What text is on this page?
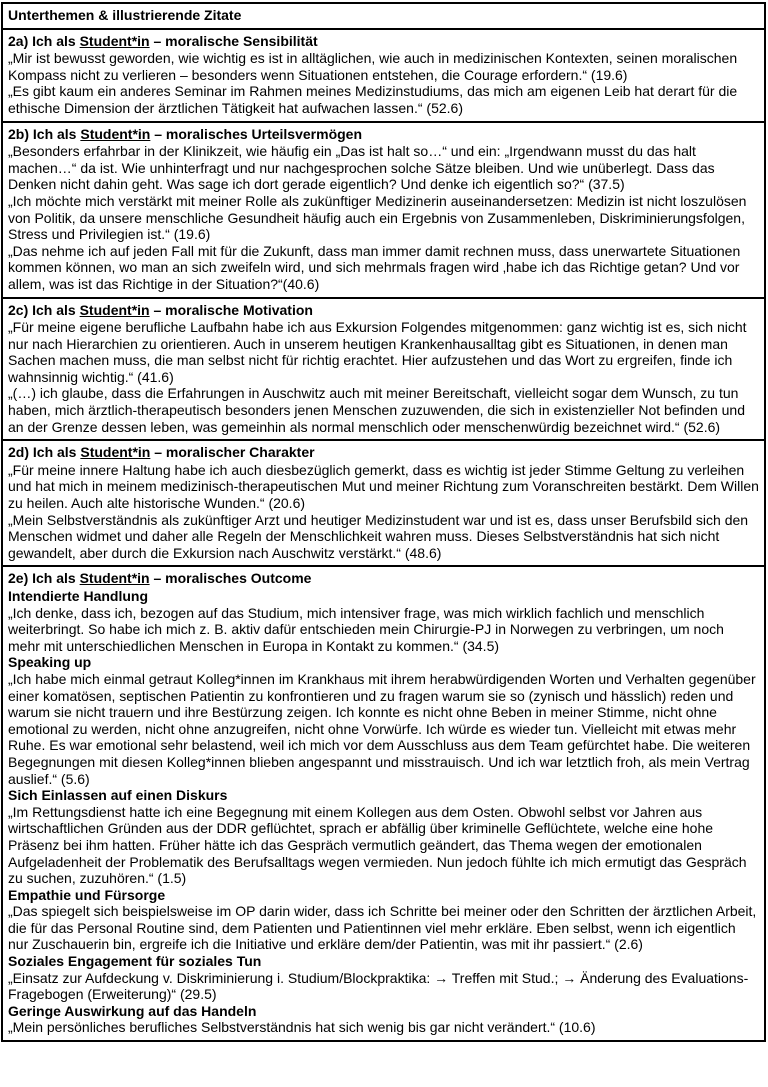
Unterthemen & illustrierende Zitate

2a) Ich als Student*in – moralische Sensibilität
„Mir ist bewusst geworden, wie wichtig es ist in alltäglichen, wie auch in medizinischen Kontexten, seinen moralischen Kompass nicht zu verlieren – besonders wenn Situationen entstehen, die Courage erfordern.“ (19.6)
„Es gibt kaum ein anderes Seminar im Rahmen meines Medizinstudiums, das mich am eigenen Leib hat derart für die ethische Dimension der ärztlichen Tätigkeit hat aufwachen lassen.“ (52.6)

2b) Ich als Student*in – moralisches Urteilsvermögen
„Besonders erfahrbar in der Klinikzeit, wie häufig ein „Das ist halt so…“ und ein: „Irgendwann musst du das halt machen…“ da ist. Wie unhinterfragt und nur nachgesprochen solche Sätze bleiben. Und wie unüberlegt. Dass das Denken nicht dahin geht. Was sage ich dort gerade eigentlich? Und denke ich eigentlich so?“ (37.5)
„Ich möchte mich verstärkt mit meiner Rolle als zukünftiger Medizinerin auseinandersetzen: Medizin ist nicht loszulösen von Politik, da unsere menschliche Gesundheit häufig auch ein Ergebnis von Zusammenleben, Diskriminierungsfolgen, Stress und Privilegien ist.“ (19.6)
„Das nehme ich auf jeden Fall mit für die Zukunft, dass man immer damit rechnen muss, dass unerwartete Situationen kommen können, wo man an sich zweifeln wird, und sich mehrmals fragen wird ‚habe ich das Richtige getan? Und vor allem, was ist das Richtige in der Situation?“(40.6)

2c) Ich als Student*in – moralische Motivation
„Für meine eigene berufliche Laufbahn habe ich aus Exkursion Folgendes mitgenommen: ganz wichtig ist es, sich nicht nur nach Hierarchien zu orientieren. Auch in unserem heutigen Krankenhausalltag gibt es Situationen, in denen man Sachen machen muss, die man selbst nicht für richtig erachtet. Hier aufzustehen und das Wort zu ergreifen, finde ich wahnsinnig wichtig.“ (41.6)
„(…) ich glaube, dass die Erfahrungen in Auschwitz auch mit meiner Bereitschaft, vielleicht sogar dem Wunsch, zu tun haben, mich ärztlich-therapeutisch besonders jenen Menschen zuzuwenden, die sich in existenzieller Not befinden und an der Grenze dessen leben, was gemeinhin als normal menschlich oder menschenwürdig bezeichnet wird.“ (52.6)

2d) Ich als Student*in – moralischer Charakter
„Für meine innere Haltung habe ich auch diesbezüglich gemerkt, dass es wichtig ist jeder Stimme Geltung zu verleihen und hat mich in meinem medizinisch-therapeutischen Mut und meiner Richtung zum Voranschreiten bestärkt. Dem Willen zu heilen. Auch alte historische Wunden.“ (20.6)
„Mein Selbstverständnis als zukünftiger Arzt und heutiger Medizinstudent war und ist es, dass unser Berufsbild sich den Menschen widmet und daher alle Regeln der Menschlichkeit wahren muss. Dieses Selbstverständnis hat sich nicht gewandelt, aber durch die Exkursion nach Auschwitz verstärkt.“ (48.6)

2e) Ich als Student*in – moralisches Outcome
Intendierte Handlung
„Ich denke, dass ich, bezogen auf das Studium, mich intensiver frage, was mich wirklich fachlich und menschlich weiterbringt. So habe ich mich z. B. aktiv dafür entschieden mein Chirurgie-PJ in Norwegen zu verbringen, um noch mehr mit unterschiedlichen Menschen in Europa in Kontakt zu kommen.“ (34.5)
Speaking up
„Ich habe mich einmal getraut Kolleg*innen im Krankhaus mit ihrem herabwürdigenden Worten und Verhalten gegenüber einer komatösen, septischen Patientin zu konfrontieren und zu fragen warum sie so (zynisch und hässlich) reden und warum sie nicht trauern und ihre Bestürzung zeigen. Ich konnte es nicht ohne Beben in meiner Stimme, nicht ohne emotional zu werden, nicht ohne anzugreifen, nicht ohne Vorwürfe. Ich würde es wieder tun. Vielleicht mit etwas mehr Ruhe. Es war emotional sehr belastend, weil ich mich vor dem Ausschluss aus dem Team gefürchtet habe. Die weiteren Begegnungen mit diesen Kolleg*innen blieben angespannt und misstrauisch. Und ich war letztlich froh, als mein Vertrag auslief.“ (5.6)
Sich Einlassen auf einen Diskurs
„Im Rettungsdienst hatte ich eine Begegnung mit einem Kollegen aus dem Osten. Obwohl selbst vor Jahren aus wirtschaftlichen Gründen aus der DDR geflüchtet, sprach er abfällig über kriminelle Geflüchtete, welche eine hohe Präsenz bei ihm hatten. Früher hätte ich das Gespräch vermutlich geändert, das Thema wegen der emotionalen Aufgeladenheit der Problematik des Berufsalltags wegen vermieden. Nun jedoch fühlte ich mich ermutigt das Gespräch zu suchen, zuzuhören.“ (1.5)
Empathie und Fürsorge
„Das spiegelt sich beispielsweise im OP darin wider, dass ich Schritte bei meiner oder den Schritten der ärztlichen Arbeit, die für das Personal Routine sind, dem Patienten und Patientinnen viel mehr erkläre. Eben selbst, wenn ich eigentlich nur Zuschauerin bin, ergreife ich die Initiative und erkläre dem/der Patientin, was mit ihr passiert.“ (2.6)
Soziales Engagement für soziales Tun
„Einsatz zur Aufdeckung v. Diskriminierung i. Studium/Blockpraktika: → Treffen mit Stud.; → Änderung des Evaluations-Fragebogen (Erweiterung)“ (29.5)
Geringe Auswirkung auf das Handeln
„Mein persönliches berufliches Selbstverständnis hat sich wenig bis gar nicht verändert.“ (10.6)
